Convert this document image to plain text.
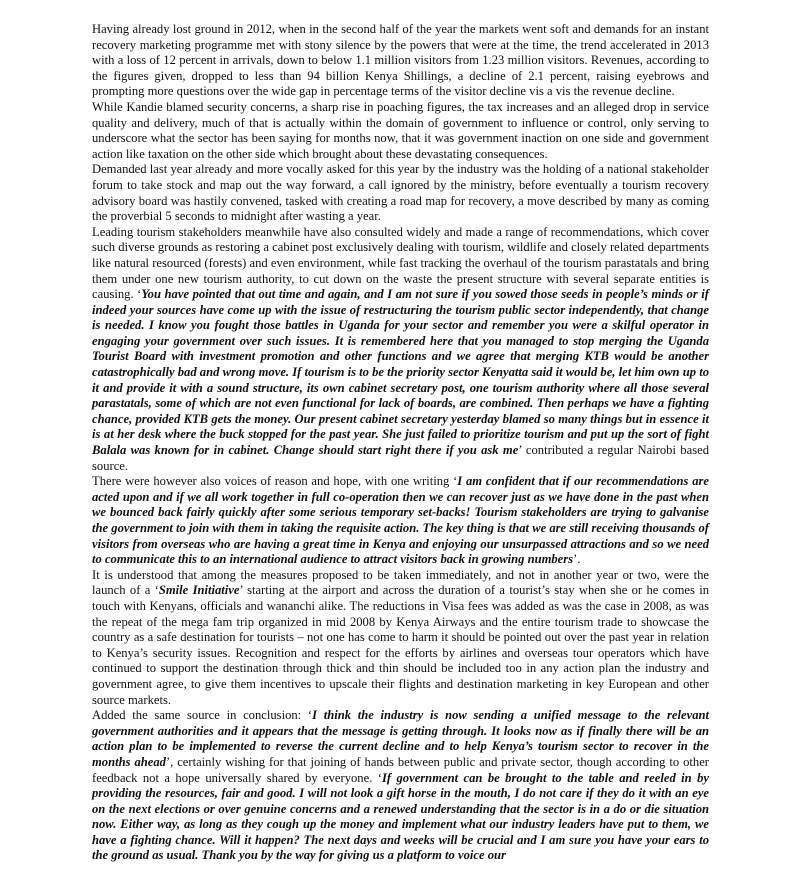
Having already lost ground in 2012, when in the second half of the year the markets went soft and demands for an instant recovery marketing programme met with stony silence by the powers that were at the time, the trend accelerated in 2013 with a loss of 12 percent in arrivals, down to below 1.1 million visitors from 1.23 million visitors. Revenues, according to the figures given, dropped to less than 94 billion Kenya Shillings, a decline of 2.1 percent, raising eyebrows and prompting more questions over the wide gap in percentage terms of the visitor decline vis a vis the revenue decline.

While Kandie blamed security concerns, a sharp rise in poaching figures, the tax increases and an alleged drop in service quality and delivery, much of that is actually within the domain of government to influence or control, only serving to underscore what the sector has been saying for months now, that it was government inaction on one side and government action like taxation on the other side which brought about these devastating consequences.

Demanded last year already and more vocally asked for this year by the industry was the holding of a national stakeholder forum to take stock and map out the way forward, a call ignored by the ministry, before eventually a tourism recovery advisory board was hastily convened, tasked with creating a road map for recovery, a move described by many as coming the proverbial 5 seconds to midnight after wasting a year.

Leading tourism stakeholders meanwhile have also consulted widely and made a range of recommendations, which cover such diverse grounds as restoring a cabinet post exclusively dealing with tourism, wildlife and closely related departments like natural resourced (forests) and even environment, while fast tracking the overhaul of the tourism parastatals and bring them under one new tourism authority, to cut down on the waste the present structure with several separate entities is causing. ‘You have pointed that out time and again, and I am not sure if you sowed those seeds in people’s minds or if indeed your sources have come up with the issue of restructuring the tourism public sector independently, that change is needed. I know you fought those battles in Uganda for your sector and remember you were a skilful operator in engaging your government over such issues. It is remembered here that you managed to stop merging the Uganda Tourist Board with investment promotion and other functions and we agree that merging KTB would be another catastrophically bad and wrong move. If tourism is to be the priority sector Kenyatta said it would be, let him own up to it and provide it with a sound structure, its own cabinet secretary post, one tourism authority where all those several parastatals, some of which are not even functional for lack of boards, are combined. Then perhaps we have a fighting chance, provided KTB gets the money. Our present cabinet secretary yesterday blamed so many things but in essence it is at her desk where the buck stopped for the past year. She just failed to prioritize tourism and put up the sort of fight Balala was known for in cabinet. Change should start right there if you ask me’ contributed a regular Nairobi based source.

There were however also voices of reason and hope, with one writing ‘I am confident that if our recommendations are acted upon and if we all work together in full co-operation then we can recover just as we have done in the past when we bounced back fairly quickly after some serious temporary set-backs! Tourism stakeholders are trying to galvanise the government to join with them in taking the requisite action. The key thing is that we are still receiving thousands of visitors from overseas who are having a great time in Kenya and enjoying our unsurpassed attractions and so we need to communicate this to an international audience to attract visitors back in growing numbers’.

It is understood that among the measures proposed to be taken immediately, and not in another year or two, were the launch of a ‘Smile Initiative’ starting at the airport and across the duration of a tourist’s stay when she or he comes in touch with Kenyans, officials and wananchi alike. The reductions in Visa fees was added as was the case in 2008, as was the repeat of the mega fam trip organized in mid 2008 by Kenya Airways and the entire tourism trade to showcase the country as a safe destination for tourists – not one has come to harm it should be pointed out over the past year in relation to Kenya’s security issues. Recognition and respect for the efforts by airlines and overseas tour operators which have continued to support the destination through thick and thin should be included too in any action plan the industry and government agree, to give them incentives to upscale their flights and destination marketing in key European and other source markets.

Added the same source in conclusion: ‘I think the industry is now sending a unified message to the relevant government authorities and it appears that the message is getting through. It looks now as if finally there will be an action plan to be implemented to reverse the current decline and to help Kenya’s tourism sector to recover in the months ahead’, certainly wishing for that joining of hands between public and private sector, though according to other feedback not a hope universally shared by everyone. ‘If government can be brought to the table and reeled in by providing the resources, fair and good. I will not look a gift horse in the mouth, I do not care if they do it with an eye on the next elections or over genuine concerns and a renewed understanding that the sector is in a do or die situation now. Either way, as long as they cough up the money and implement what our industry leaders have put to them, we have a fighting chance. Will it happen? The next days and weeks will be crucial and I am sure you have your ears to the ground as usual. Thank you by the way for giving us a platform to voice our
